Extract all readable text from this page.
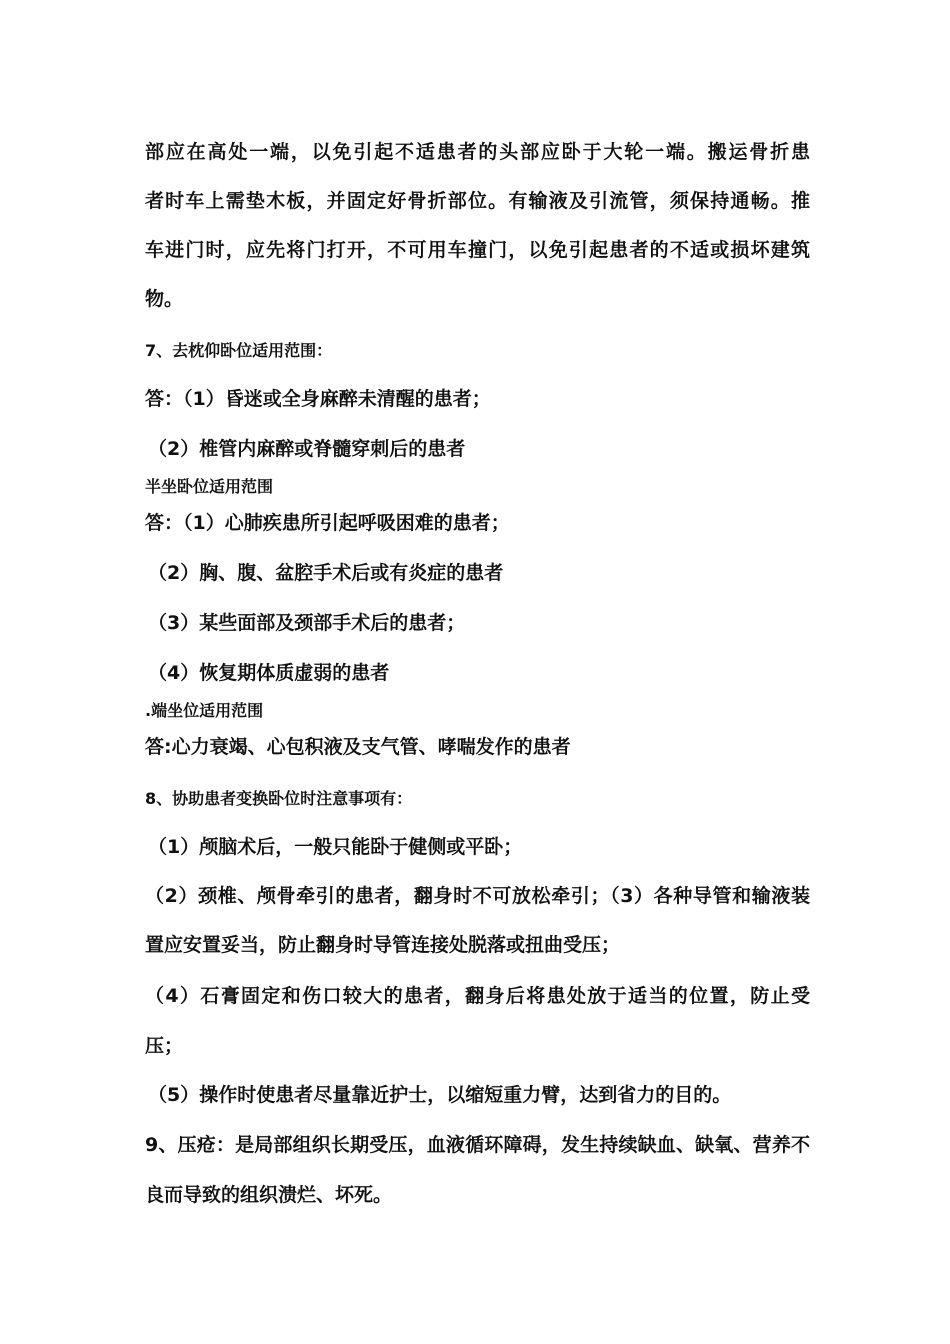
部应在高处一端，以免引起不适患者的头部应卧于大轮一端。搬运骨折患
者时车上需垫木板，并固定好骨折部位。有输液及引流管，须保持通畅。推
车进门时，应先将门打开，不可用车撞门，以免引起患者的不适或损坏建筑
物。
7、去枕仰卧位适用范围：
答：（1）昏迷或全身麻醉未清醒的患者；
（2）椎管内麻醉或脊髓穿刺后的患者
半坐卧位适用范围
答：（1）心肺疾患所引起呼吸困难的患者；
（2）胸、腹、盆腔手术后或有炎症的患者
（3）某些面部及颈部手术后的患者；
（4）恢复期体质虚弱的患者
.端坐位适用范围
答:心力衰竭、心包积液及支气管、哮喘发作的患者
8、协助患者变换卧位时注意事项有：
（1）颅脑术后，一般只能卧于健侧或平卧；
（2）颈椎、颅骨牵引的患者，翻身时不可放松牵引；（3）各种导管和输液装
置应安置妥当，防止翻身时导管连接处脱落或扭曲受压；
（4）石膏固定和伤口较大的患者，翻身后将患处放于适当的位置，防止受
压；
（5）操作时使患者尽量靠近护士，以缩短重力臂，达到省力的目的。
9、压疮：是局部组织长期受压，血液循环障碍，发生持续缺血、缺氧、营养不
良而导致的组织溃烂、坏死。
